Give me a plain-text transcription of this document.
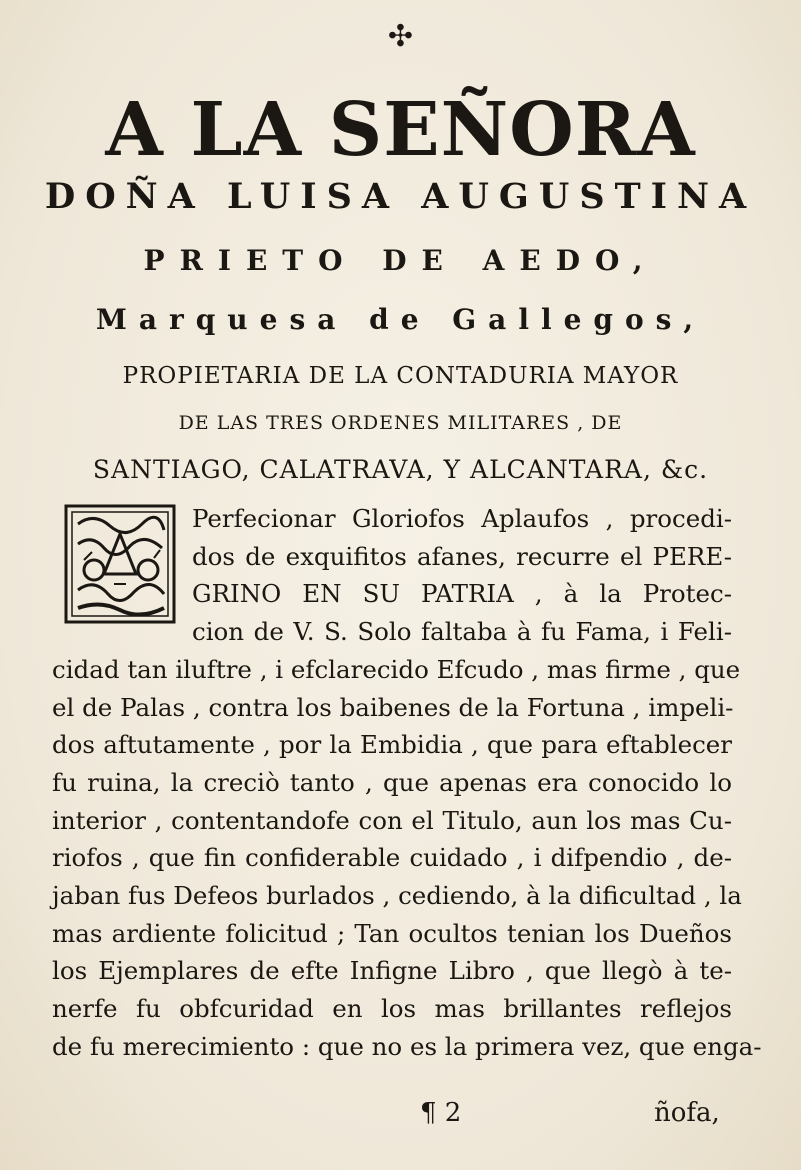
✣
A LA SEÑORA
DOÑA LUISA AUGUSTINA
PRIETO DE AEDO,
Marquesa de Gallegos,
PROPIETARIA DE LA CONTADURIA MAYOR
DE LAS TRES ORDENES MILITARES , DE
SANTIAGO, CALATRAVA, Y ALCANTARA, &c.
Perfecionar Gloriofos Aplaufos , procedi-
dos de exquifitos afanes, recurre el PERE-
GRINO EN SU PATRIA , à la Protec-
cion de V. S. Solo faltaba à fu Fama, i Feli-
cidad tan iluftre , i efclarecido Efcudo , mas firme , que
el de Palas , contra los baibenes de la Fortuna , impeli-
dos aftutamente , por la Embidia , que para eftablecer
fu ruina, la creciò tanto , que apenas era conocido lo
interior , contentandofe con el Titulo, aun los mas Cu-
riofos , que fin confiderable cuidado , i difpendio , de-
jaban fus Defeos burlados , cediendo, à la dificultad , la
mas ardiente folicitud ; Tan ocultos tenian los Dueños
los Ejemplares de efte Infigne Libro , que llegò à te-
nerfe fu obfcuridad en los mas brillantes reflejos
de fu merecimiento : que no es la primera vez, que enga-
¶ 2	ñofa,
